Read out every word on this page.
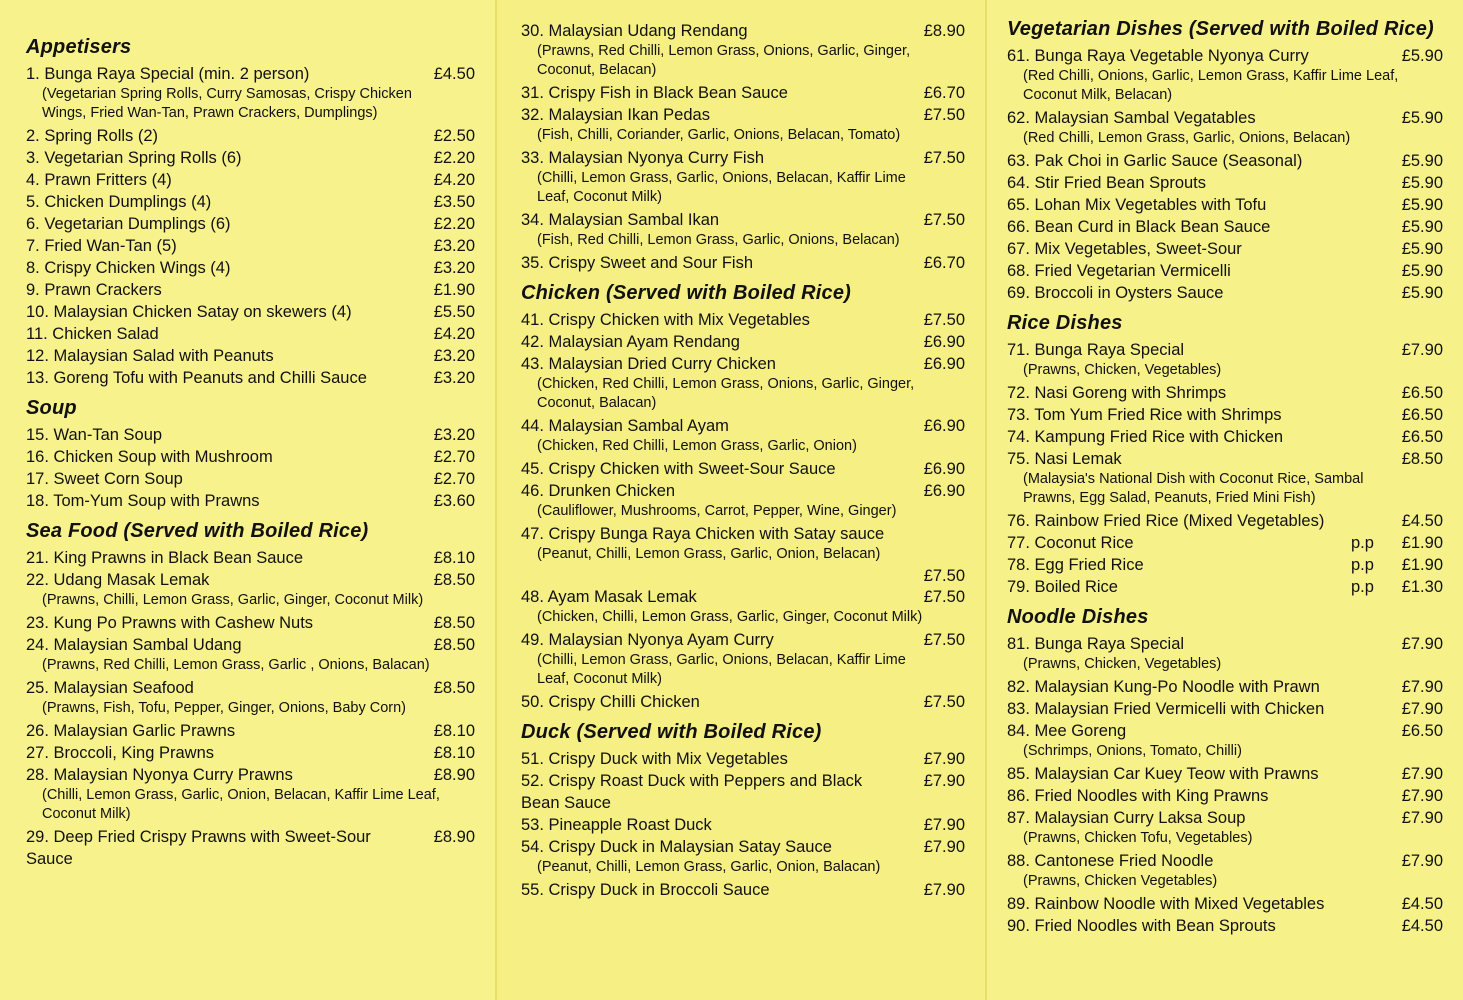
Appetisers
1. Bunga Raya Special (min. 2 person)	£4.50
(Vegetarian Spring Rolls, Curry Samosas, Crispy Chicken Wings, Fried Wan-Tan, Prawn Crackers, Dumplings)
2. Spring Rolls (2)	£2.50
3. Vegetarian Spring Rolls (6)	£2.20
4. Prawn Fritters (4)	£4.20
5. Chicken Dumplings (4)	£3.50
6. Vegetarian Dumplings (6)	£2.20
7. Fried Wan-Tan (5)	£3.20
8. Crispy Chicken Wings (4)	£3.20
9. Prawn Crackers	£1.90
10. Malaysian Chicken Satay on skewers (4)	£5.50
11. Chicken Salad	£4.20
12. Malaysian Salad with Peanuts	£3.20
13. Goreng Tofu with Peanuts and Chilli Sauce	£3.20
Soup
15. Wan-Tan Soup	£3.20
16. Chicken Soup with Mushroom	£2.70
17. Sweet Corn Soup	£2.70
18. Tom-Yum Soup with Prawns	£3.60
Sea Food (Served with Boiled Rice)
21. King Prawns in Black Bean Sauce	£8.10
22. Udang Masak Lemak	£8.50
(Prawns, Chilli, Lemon Grass, Garlic, Ginger, Coconut Milk)
23. Kung Po Prawns with Cashew Nuts	£8.50
24. Malaysian Sambal Udang	£8.50
(Prawns, Red Chilli, Lemon Grass, Garlic , Onions, Balacan)
25. Malaysian Seafood	£8.50
(Prawns, Fish, Tofu, Pepper, Ginger, Onions, Baby Corn)
26. Malaysian Garlic Prawns	£8.10
27. Broccoli, King Prawns	£8.10
28. Malaysian Nyonya Curry Prawns	£8.90
(Chilli, Lemon Grass, Garlic, Onion, Belacan, Kaffir Lime Leaf, Coconut Milk)
29. Deep Fried Crispy Prawns with Sweet-Sour Sauce
£8.90
30. Malaysian Udang Rendang	£8.90
(Prawns, Red Chilli, Lemon Grass, Onions, Garlic, Ginger, Coconut, Belacan)
31. Crispy Fish in Black Bean Sauce	£6.70
32. Malaysian Ikan Pedas	£7.50
(Fish, Chilli, Coriander, Garlic, Onions, Belacan, Tomato)
33. Malaysian Nyonya Curry Fish	£7.50
(Chilli, Lemon Grass, Garlic, Onions, Belacan, Kaffir Lime Leaf, Coconut Milk)
34. Malaysian Sambal Ikan	£7.50
(Fish, Red Chilli, Lemon Grass, Garlic, Onions, Belacan)
35. Crispy Sweet and Sour Fish	£6.70
Chicken (Served with Boiled Rice)
41. Crispy Chicken with Mix Vegetables	£7.50
42. Malaysian Ayam Rendang	£6.90
43. Malaysian Dried Curry Chicken	£6.90
(Chicken, Red Chilli, Lemon Grass, Onions, Garlic, Ginger, Coconut, Balacan)
44. Malaysian Sambal Ayam	£6.90
(Chicken, Red Chilli, Lemon Grass, Garlic, Onion)
45. Crispy Chicken with Sweet-Sour Sauce	£6.90
46. Drunken Chicken	£6.90
(Cauliflower, Mushrooms, Carrot, Pepper, Wine, Ginger)
47. Crispy Bunga Raya Chicken with Satay sauce
(Peanut, Chilli, Lemon Grass, Garlic, Onion, Belacan)
£7.50
48. Ayam Masak Lemak	£7.50
(Chicken, Chilli, Lemon Grass, Garlic, Ginger, Coconut Milk)
49. Malaysian Nyonya Ayam Curry	£7.50
(Chilli, Lemon Grass, Garlic, Onions, Belacan, Kaffir Lime Leaf, Coconut Milk)
50. Crispy Chilli Chicken	£7.50
Duck (Served with Boiled Rice)
51. Crispy Duck with Mix Vegetables	£7.90
52. Crispy Roast Duck with Peppers and Black Bean Sauce
£7.90
53. Pineapple Roast Duck	£7.90
54. Crispy Duck in Malaysian Satay Sauce	£7.90
(Peanut, Chilli, Lemon Grass, Garlic, Onion, Balacan)
55. Crispy Duck in Broccoli Sauce	£7.90
Vegetarian Dishes (Served with Boiled Rice)
61. Bunga Raya Vegetable Nyonya Curry	£5.90
(Red Chilli, Onions, Garlic, Lemon Grass, Kaffir Lime Leaf, Coconut Milk, Belacan)
62. Malaysian Sambal Vegatables	£5.90
(Red Chilli, Lemon Grass, Garlic, Onions, Belacan)
63. Pak Choi in Garlic Sauce (Seasonal)	£5.90
64. Stir Fried Bean Sprouts	£5.90
65. Lohan Mix Vegetables with Tofu	£5.90
66. Bean Curd in Black Bean Sauce	£5.90
67. Mix Vegetables, Sweet-Sour	£5.90
68. Fried Vegetarian Vermicelli	£5.90
69. Broccoli in Oysters Sauce	£5.90
Rice Dishes
71. Bunga Raya Special	£7.90
(Prawns, Chicken, Vegetables)
72. Nasi Goreng with Shrimps	£6.50
73. Tom Yum Fried Rice with Shrimps	£6.50
74. Kampung Fried Rice with Chicken	£6.50
75. Nasi Lemak	£8.50
(Malaysia's National Dish with Coconut Rice, Sambal Prawns, Egg Salad, Peanuts, Fried Mini Fish)
76. Rainbow Fried Rice (Mixed Vegetables)	£4.50
77. Coconut Rice	p.p	£1.90
78. Egg Fried Rice	p.p	£1.90
79. Boiled Rice	p.p	£1.30
Noodle Dishes
81. Bunga Raya Special	£7.90
(Prawns, Chicken, Vegetables)
82. Malaysian Kung-Po Noodle with Prawn	£7.90
83. Malaysian Fried Vermicelli with Chicken	£7.90
84. Mee Goreng	£6.50
(Schrimps, Onions, Tomato, Chilli)
85. Malaysian Car Kuey Teow with Prawns	£7.90
86. Fried Noodles with King Prawns	£7.90
87. Malaysian Curry Laksa Soup	£7.90
(Prawns, Chicken Tofu, Vegetables)
88. Cantonese Fried Noodle	£7.90
(Prawns, Chicken Vegetables)
89. Rainbow Noodle with Mixed Vegetables	£4.50
90. Fried Noodles with Bean Sprouts	£4.50
